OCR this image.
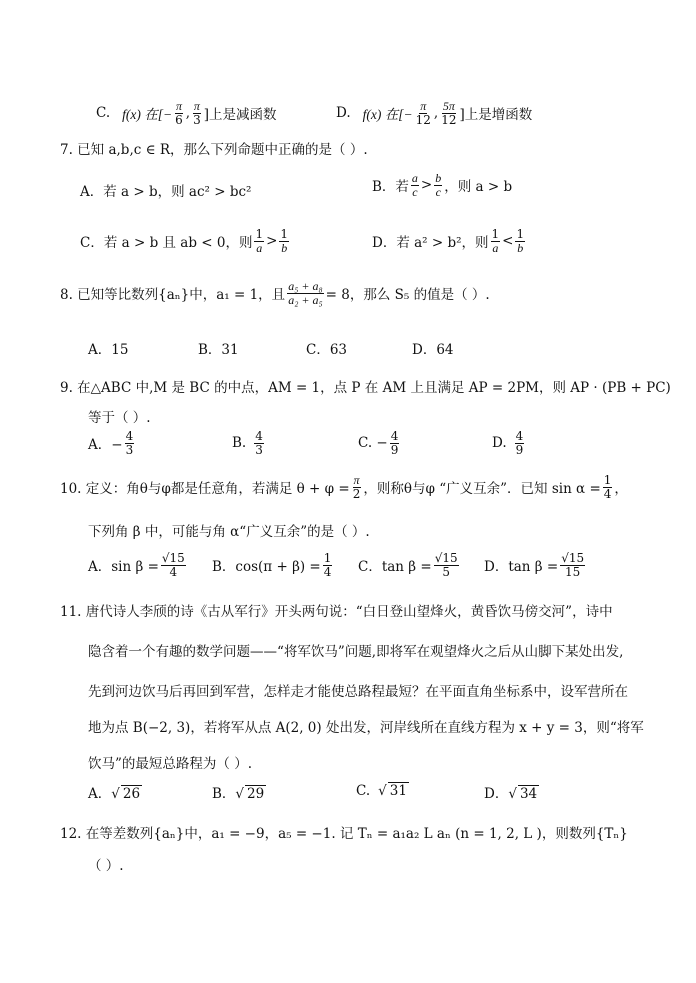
C. f(x) 在[− $\frac{\pi}{6}$ , $\frac{\pi}{3}$ ]上是减函数	D. f(x) 在[− $\frac{\pi}{12}$ , $\frac{5\pi}{12}$ ]上是增函数
7. 已知 a,b,c ∈ R，那么下列命题中正确的是（ ）.
A．若 a > b，则 ac² > bc²	B．若 $\frac{a}{c} > \frac{b}{c}$ ，则 a > b
C．若 a > b 且 ab < 0，则 $\frac{1}{a} > \frac{1}{b}$	D．若 a² > b²，则 $\frac{1}{a} < \frac{1}{b}$
8. 已知等比数列{aₙ}中，a₁ = 1，且 $\frac{\text{a₅ + a₈}}{\text{a₂ + a₅}} = 8$，那么 S₅ 的值是（ ）.
A．15	B．31	C．63	D．64
9. 在△ABC 中,M 是 BC 的中点，AM = 1，点 P 在 AM 上且满足 AP = 2PM，则 AP · (PB + PC)
等于（ ）.
A．− $\frac{4}{3}$	B. $\frac{4}{3}$	C. − $\frac{4}{9}$	D. $\frac{4}{9}$
10. 定义：角θ与φ都是任意角，若满足 $\theta + \varphi = \frac{\pi}{2}$ ，则称θ与φ “广义互余”．已知 $\sin \alpha = \frac{1}{4}$ ，
下列角 β 中，可能与角 α“广义互余”的是（ ）.
A．$\sin \beta = \frac{√15}{4}$ B．$\cos(\pi + \beta) = \frac{1}{4}$ C．$\tan \beta = \frac{√15}{5}$ D．$\tan \beta = \frac{√15}{15}$
11. 唐代诗人李颀的诗《古从军行》开头两句说：“白日登山望烽火，黄昏饮马傍交河”，诗中
隐含着一个有趣的数学问题——“将军饮马”问题,即将军在观望烽火之后从山脚下某处出发,
先到河边饮马后再回到军营，怎样走才能使总路程最短？在平面直角坐标系中，设军营所在
地为点 B(−2, 3)，若将军从点 A(2, 0) 处出发，河岸线所在直线方程为 x + y = 3，则“将军
饮马”的最短总路程为（ ）.
A．√ 26	B．√ 29	C. √ 31	D．√ 34
12. 在等差数列{aₙ}中，a₁ = −9，a₅ = −1. 记 Tₙ = a₁a₂ L aₙ (n = 1, 2, L )，则数列{Tₙ}
（ ）.
